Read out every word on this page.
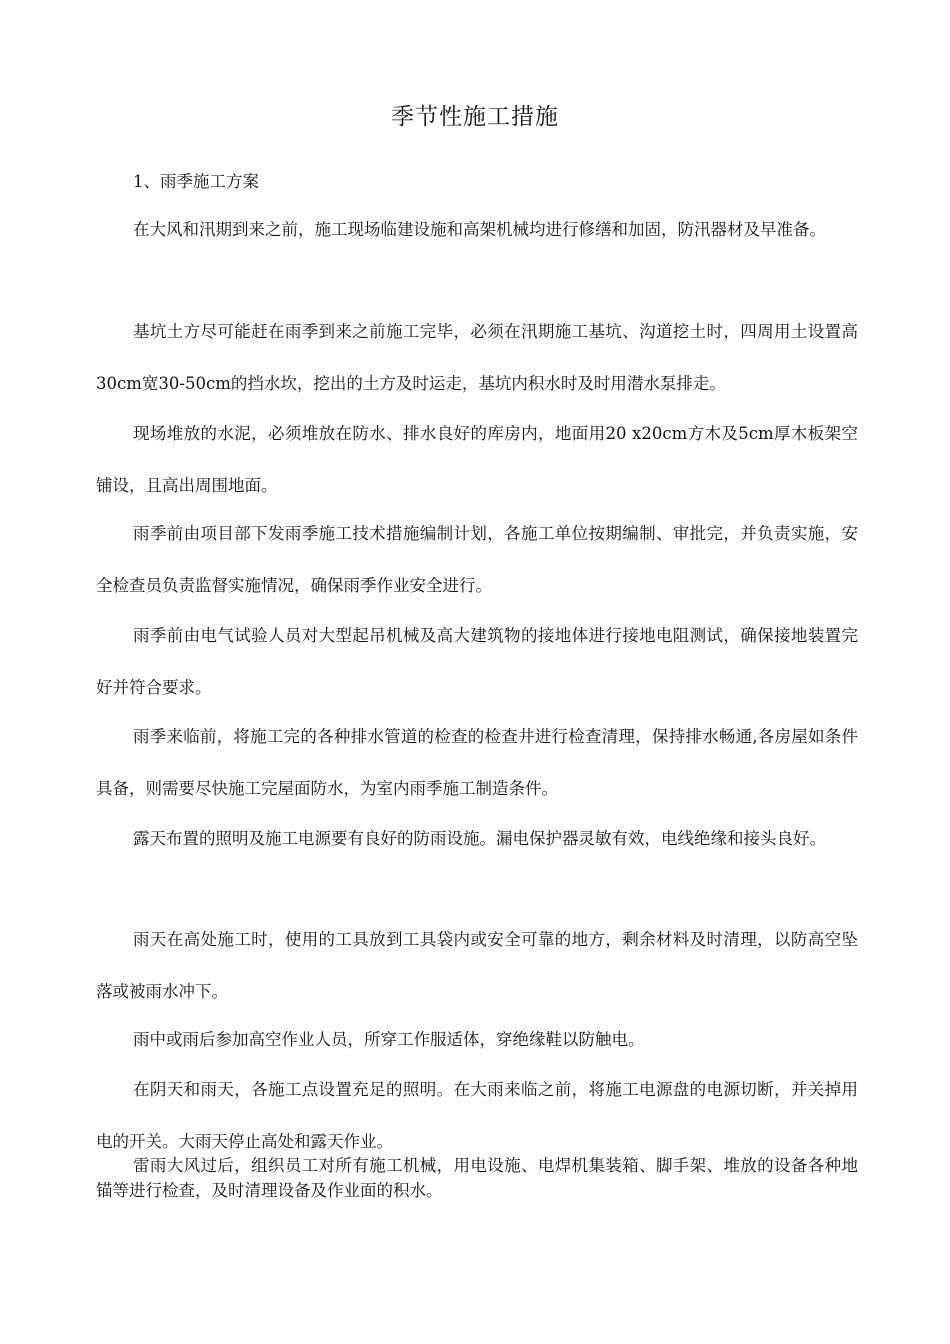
季节性施工措施

1、雨季施工方案

在大风和汛期到来之前，施工现场临建设施和高架机械均进行修缮和加固，防汛器材及早准备。

基坑土方尽可能赶在雨季到来之前施工完毕，必须在汛期施工基坑、沟道挖土时，四周用土设置高30cm宽30-50cm的挡水坎，挖出的土方及时运走，基坑内积水时及时用潜水泵排走。

现场堆放的水泥，必须堆放在防水、排水良好的库房内，地面用20 x20cm方木及5cm厚木板架空铺设，且高出周围地面。

雨季前由项目部下发雨季施工技术措施编制计划，各施工单位按期编制、审批完，并负责实施，安全检查员负责监督实施情况，确保雨季作业安全进行。

雨季前由电气试验人员对大型起吊机械及高大建筑物的接地体进行接地电阻测试，确保接地装置完好并符合要求。

雨季来临前，将施工完的各种排水管道的检查的检查井进行检查清理，保持排水畅通,各房屋如条件具备，则需要尽快施工完屋面防水，为室内雨季施工制造条件。

露天布置的照明及施工电源要有良好的防雨设施。漏电保护器灵敏有效，电线绝缘和接头良好。

雨天在高处施工时，使用的工具放到工具袋内或安全可靠的地方，剩余材料及时清理，以防高空坠落或被雨水冲下。

雨中或雨后参加高空作业人员，所穿工作服适体，穿绝缘鞋以防触电。

在阴天和雨天，各施工点设置充足的照明。在大雨来临之前，将施工电源盘的电源切断，并关掉用电的开关。大雨天停止高处和露天作业。

雷雨大风过后，组织员工对所有施工机械，用电设施、电焊机集装箱、脚手架、堆放的设备各种地锚等进行检查，及时清理设备及作业面的积水。
